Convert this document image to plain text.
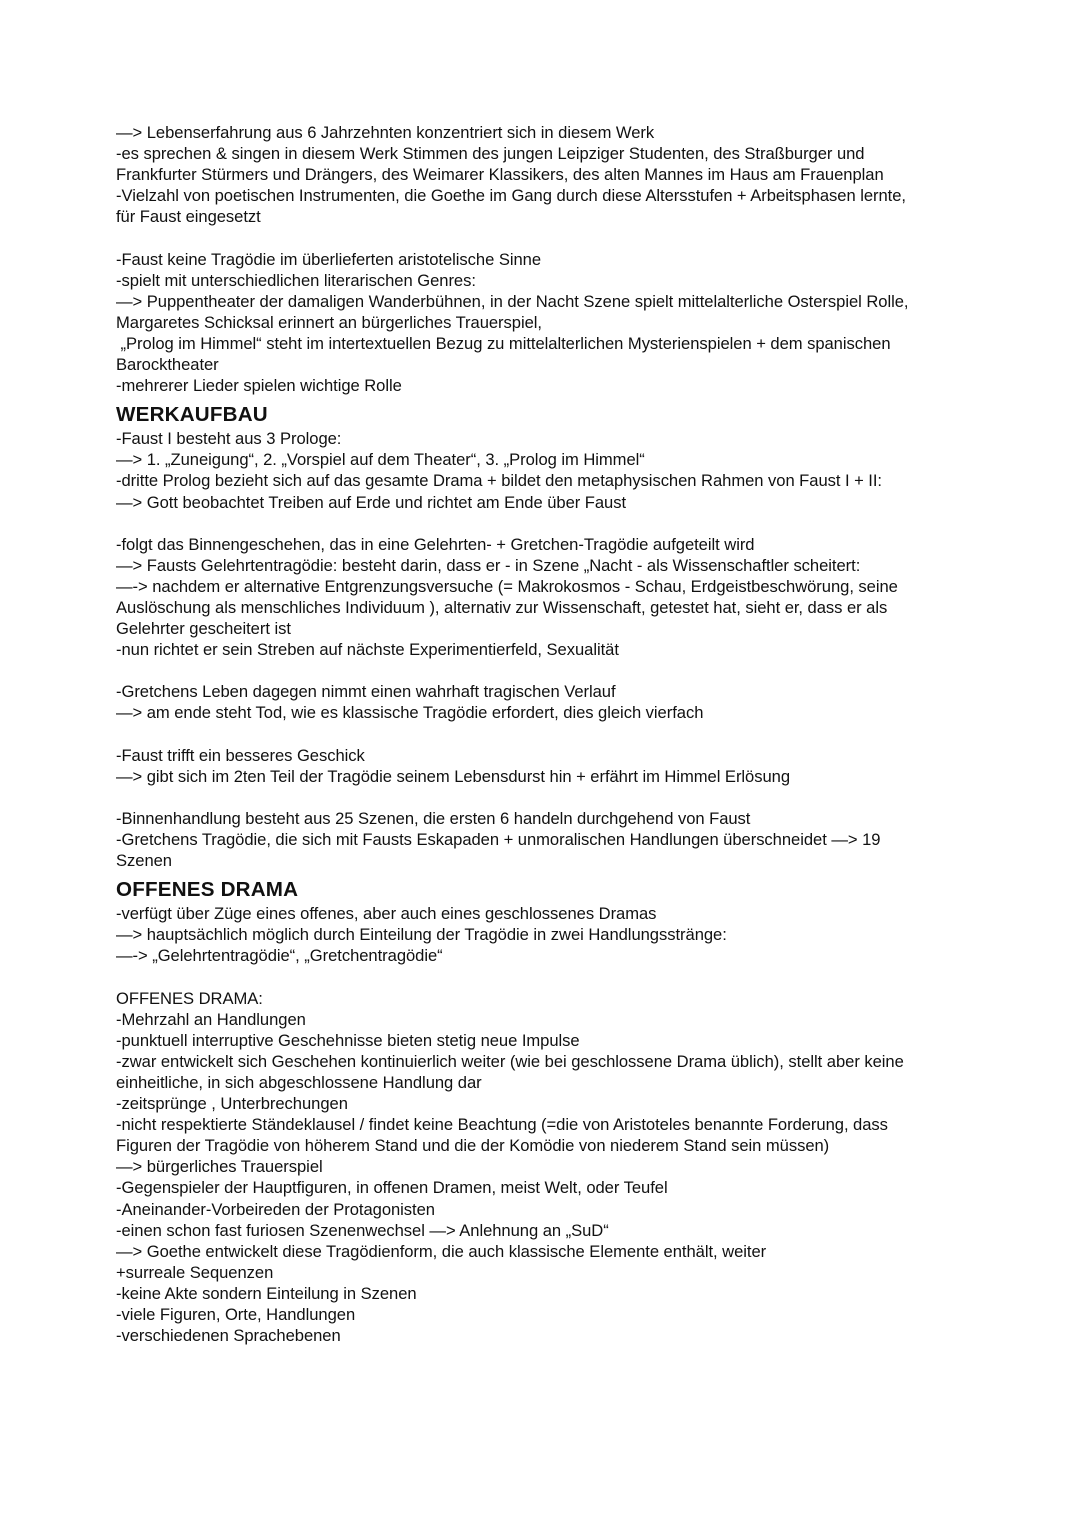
—> Lebenserfahrung aus 6 Jahrzehnten konzentriert sich in diesem Werk
-es sprechen & singen in diesem Werk Stimmen des jungen Leipziger Studenten, des Straßburger und
Frankfurter Stürmers und Drängers, des Weimarer Klassikers, des alten Mannes im Haus am Frauenplan
-Vielzahl von poetischen Instrumenten, die Goethe im Gang durch diese Altersstufen + Arbeitsphasen lernte,
für Faust eingesetzt
-Faust keine Tragödie im überlieferten aristotelische Sinne
-spielt mit unterschiedlichen literarischen Genres:
—> Puppentheater der damaligen Wanderbühnen, in der Nacht Szene spielt mittelalterliche Osterspiel Rolle,
Margaretes Schicksal erinnert an bürgerliches Trauerspiel,
„Prolog im Himmel“ steht im intertextuellen Bezug zu mittelalterlichen Mysterienspielen + dem spanischen
Barocktheater
-mehrerer Lieder spielen wichtige Rolle
WERKAUFBAU
-Faust I besteht aus 3 Prologe:
—> 1. „Zuneigung“, 2. „Vorspiel auf dem Theater“, 3. „Prolog im Himmel“
-dritte Prolog bezieht sich auf das gesamte Drama + bildet den metaphysischen Rahmen von Faust I + II:
—> Gott beobachtet Treiben auf Erde und richtet am Ende über Faust
-folgt das Binnengeschehen, das in eine Gelehrten- + Gretchen-Tragödie aufgeteilt wird
—> Fausts Gelehrtentragödie: besteht darin, dass er - in Szene „Nacht - als Wissenschaftler scheitert:
—-> nachdem er alternative Entgrenzungsversuche (= Makrokosmos - Schau, Erdgeistbeschwörung, seine
Auslöschung als menschliches Individuum ), alternativ zur Wissenschaft, getestet hat, sieht er, dass er als
Gelehrter gescheitert ist
-nun richtet er sein Streben auf nächste Experimentierfeld, Sexualität
-Gretchens Leben dagegen nimmt einen wahrhaft tragischen Verlauf
—> am ende steht Tod, wie es klassische Tragödie erfordert, dies gleich vierfach
-Faust trifft ein besseres Geschick
—> gibt sich im 2ten Teil der Tragödie seinem Lebensdurst hin + erfährt im Himmel Erlösung
-Binnenhandlung besteht aus 25 Szenen, die ersten 6 handeln durchgehend von Faust
-Gretchens Tragödie, die sich mit Fausts Eskapaden + unmoralischen Handlungen überschneidet —> 19
Szenen
OFFENES DRAMA
-verfügt über Züge eines offenes, aber auch eines geschlossenes Dramas
—> hauptsächlich möglich durch Einteilung der Tragödie in zwei Handlungsstränge:
—-> „Gelehrtentragödie“, „Gretchentragödie“
OFFENES DRAMA:
-Mehrzahl an Handlungen
-punktuell interruptive Geschehnisse bieten stetig neue Impulse
-zwar entwickelt sich Geschehen kontinuierlich weiter (wie bei geschlossene Drama üblich), stellt aber keine
einheitliche, in sich abgeschlossene Handlung dar
-zeitsprünge , Unterbrechungen
-nicht respektierte Ständeklausel / findet keine Beachtung (=die von Aristoteles benannte Forderung, dass
Figuren der Tragödie von höherem Stand und die der Komödie von niederem Stand sein müssen)
—> bürgerliches Trauerspiel
-Gegenspieler der Hauptfiguren, in offenen Dramen, meist Welt, oder Teufel
-Aneinander-Vorbeireden der Protagonisten
-einen schon fast furiosen Szenenwechsel —> Anlehnung an „SuD“
—> Goethe entwickelt diese Tragödienform, die auch klassische Elemente enthält, weiter
+surreale Sequenzen
-keine Akte sondern Einteilung in Szenen
-viele Figuren, Orte, Handlungen
-verschiedenen Sprachebenen
